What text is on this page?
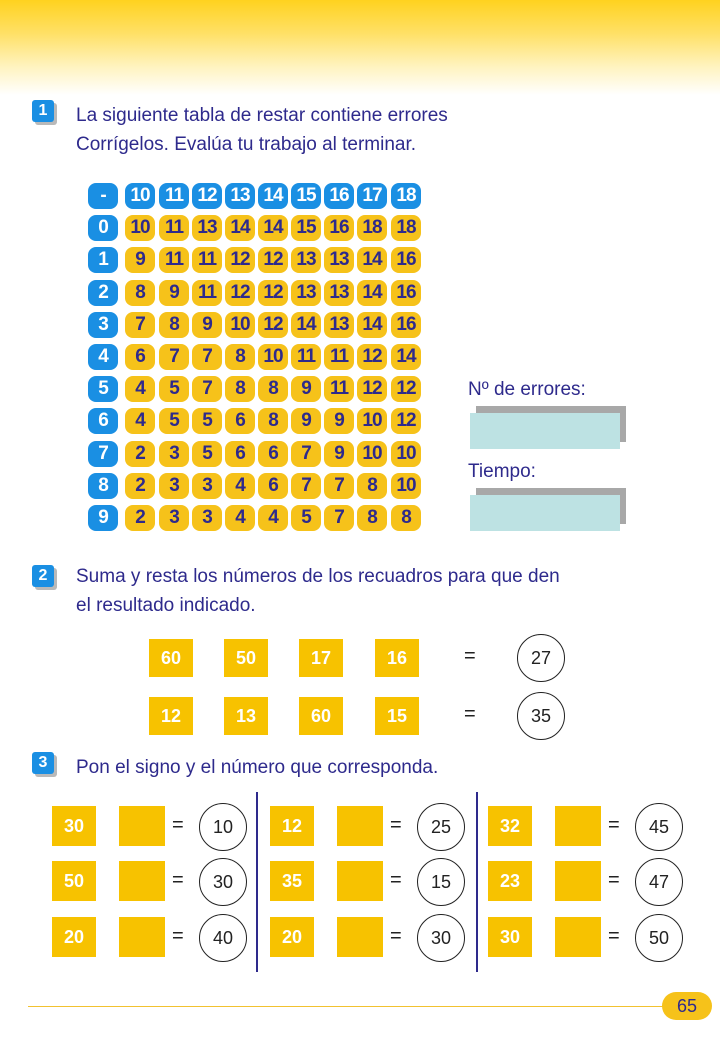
1	La siguiente tabla de restar contiene errores

Corrígelos. Evalúa tu trabajo al terminar.

-	10 11 12 13 14 15 16 17 18
0	10 11 13 14 14 15 16 18 18
1	9	11 11 12 12 13 13 14 16
2	8	9	11 12 12 13 13 14 16
3	7	8	9 10 12 14 13 14 16
4	6	7	7	8 10 11 11 12 14
5	4	5	7	8	8	9	11 12 12
6	4	5	5	6	8	9	9 10 12
7	2	3	5	6	6	7	9 10 10
8	2	3	3	4	6	7	7	8	10
9	2	3	3	4	4	5	7	8	8
Nº de errores:
Tiempo:
2	Suma y resta los números de los recuadros para que den

el resultado indicado.

60	50	17	16	=	27
12	13	60	15	=	35
3	Pon el signo y el número que corresponda.

30	=	10
50	=	30
20	=	40
12	=	25
35	=	15
20	=	30
32	=	45
23	=	47
30	=	50
65
